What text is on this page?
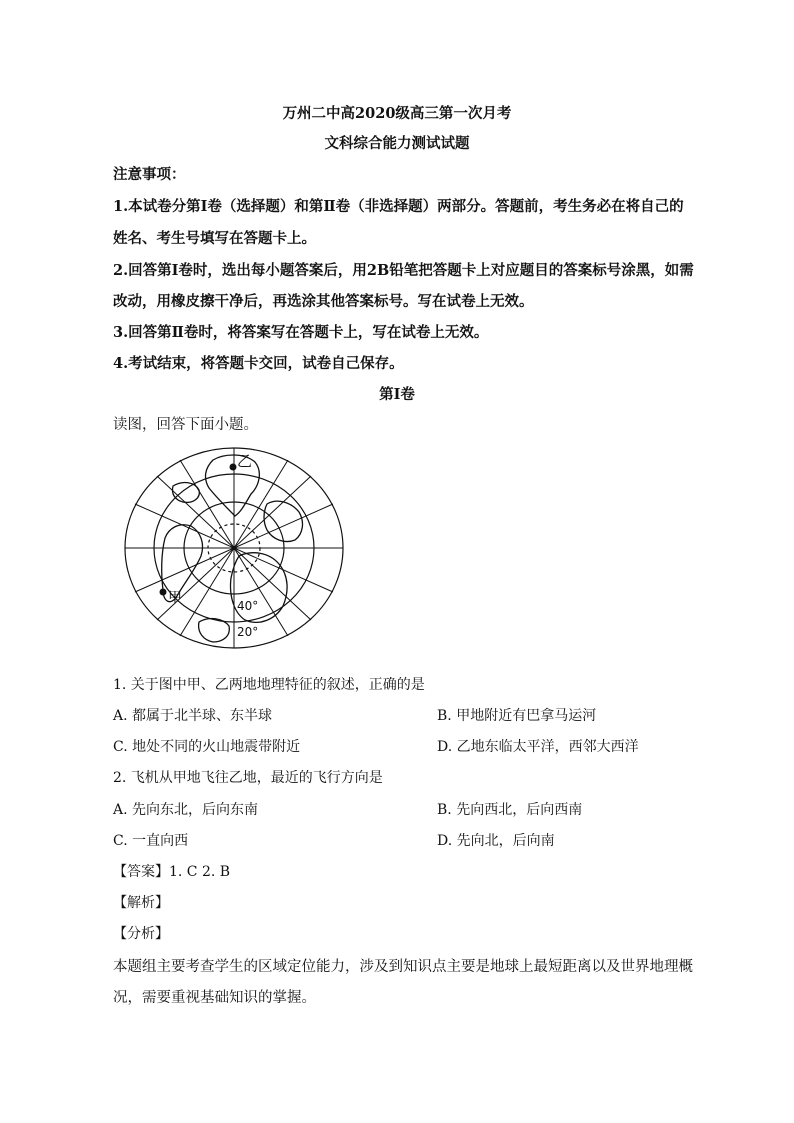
万州二中高2020级高三第一次月考
文科综合能力测试试题
注意事项：
1.本试卷分第Ⅰ卷（选择题）和第Ⅱ卷（非选择题）两部分。答题前，考生务必在将自己的
姓名、考生号填写在答题卡上。
2.回答第Ⅰ卷时，选出每小题答案后，用2B铅笔把答题卡上对应题目的答案标号涂黑，如需
改动，用橡皮擦干净后，再选涂其他答案标号。写在试卷上无效。
3.回答第Ⅱ卷时，将答案写在答题卡上，写在试卷上无效。
4.考试结束，将答题卡交回，试卷自己保存。
第Ⅰ卷
读图，回答下面小题。
乙
甲	40°
20°
1. 关于图中甲、乙两地地理特征的叙述，正确的是
A. 都属于北半球、东半球	B. 甲地附近有巴拿马运河
C. 地处不同的火山地震带附近	D. 乙地东临太平洋，西邻大西洋
2. 飞机从甲地飞往乙地，最近的飞行方向是
A. 先向东北，后向东南	B. 先向西北，后向西南
C. 一直向西	D. 先向北，后向南
【答案】1. C 2. B
【解析】
【分析】
本题组主要考查学生的区域定位能力，涉及到知识点主要是地球上最短距离以及世界地理概
况，需要重视基础知识的掌握。
